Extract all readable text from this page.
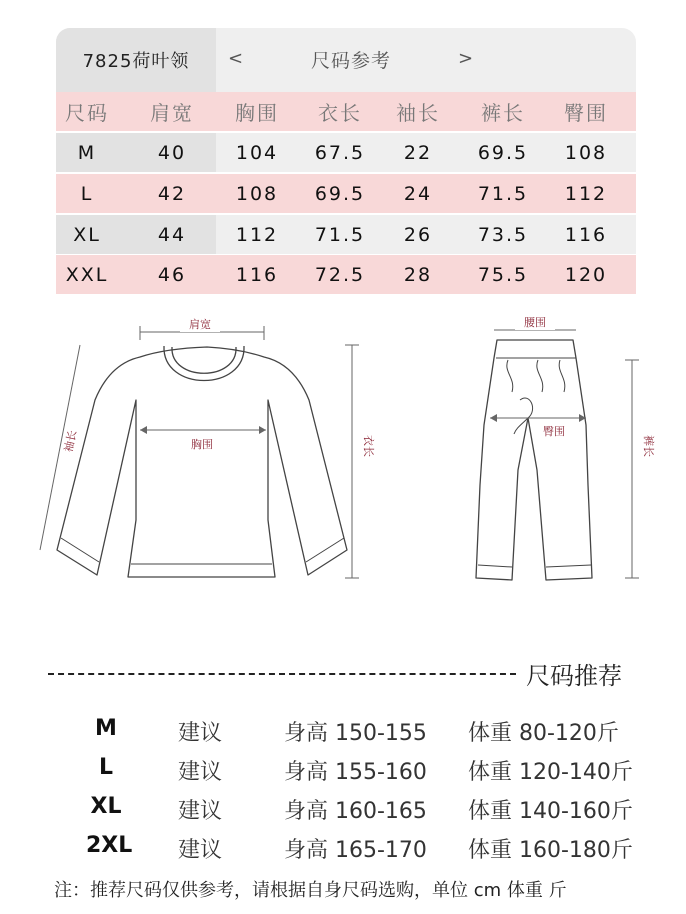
7825荷叶领	<	尺码参考	>
尺码	肩宽	胸围	衣长	袖长	裤长	臀围
M	40	104	67.5	22	69.5	108
L	42	108	69.5	24	71.5	112
XL	44	112	71.5	26	73.5	116
XXL	46	116	72.5	28	75.5	120
肩宽
胸围
袖长	衣长
腰围
臀围
裤长
尺码推荐
M	建议	身高 150-155 体重 80-120斤
L	建议	身高 155-160 体重 120-140斤
XL	建议	身高 160-165 体重 140-160斤
2XL 建议	身高 165-170 体重 160-180斤
注：推荐尺码仅供参考，请根据自身尺码选购，单位 cm 体重 斤
